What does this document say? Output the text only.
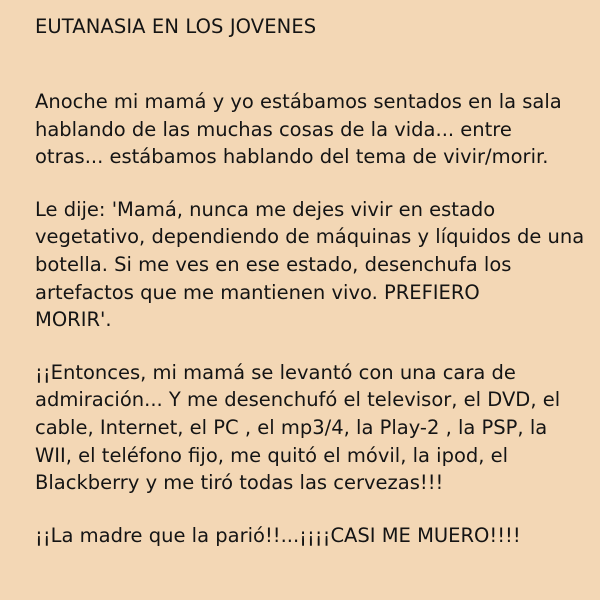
EUTANASIA EN LOS JOVENES

Anoche mi mamá y yo estábamos sentados en la sala
hablando de las muchas cosas de la vida... entre
otras... estábamos hablando del tema de vivir/morir.

Le dije: 'Mamá, nunca me dejes vivir en estado
vegetativo, dependiendo de máquinas y líquidos de una
botella. Si me ves en ese estado, desenchufa los
artefactos que me mantienen vivo. PREFIERO
MORIR'.

¡¡Entonces, mi mamá se levantó con una cara de
admiración... Y me desenchufó el televisor, el DVD, el
cable, Internet, el PC , el mp3/4, la Play-2 , la PSP, la
WII, el teléfono fijo, me quitó el móvil, la ipod, el
Blackberry y me tiró todas las cervezas!!!

¡¡La madre que la parió!!...¡¡¡¡CASI ME MUERO!!!!
